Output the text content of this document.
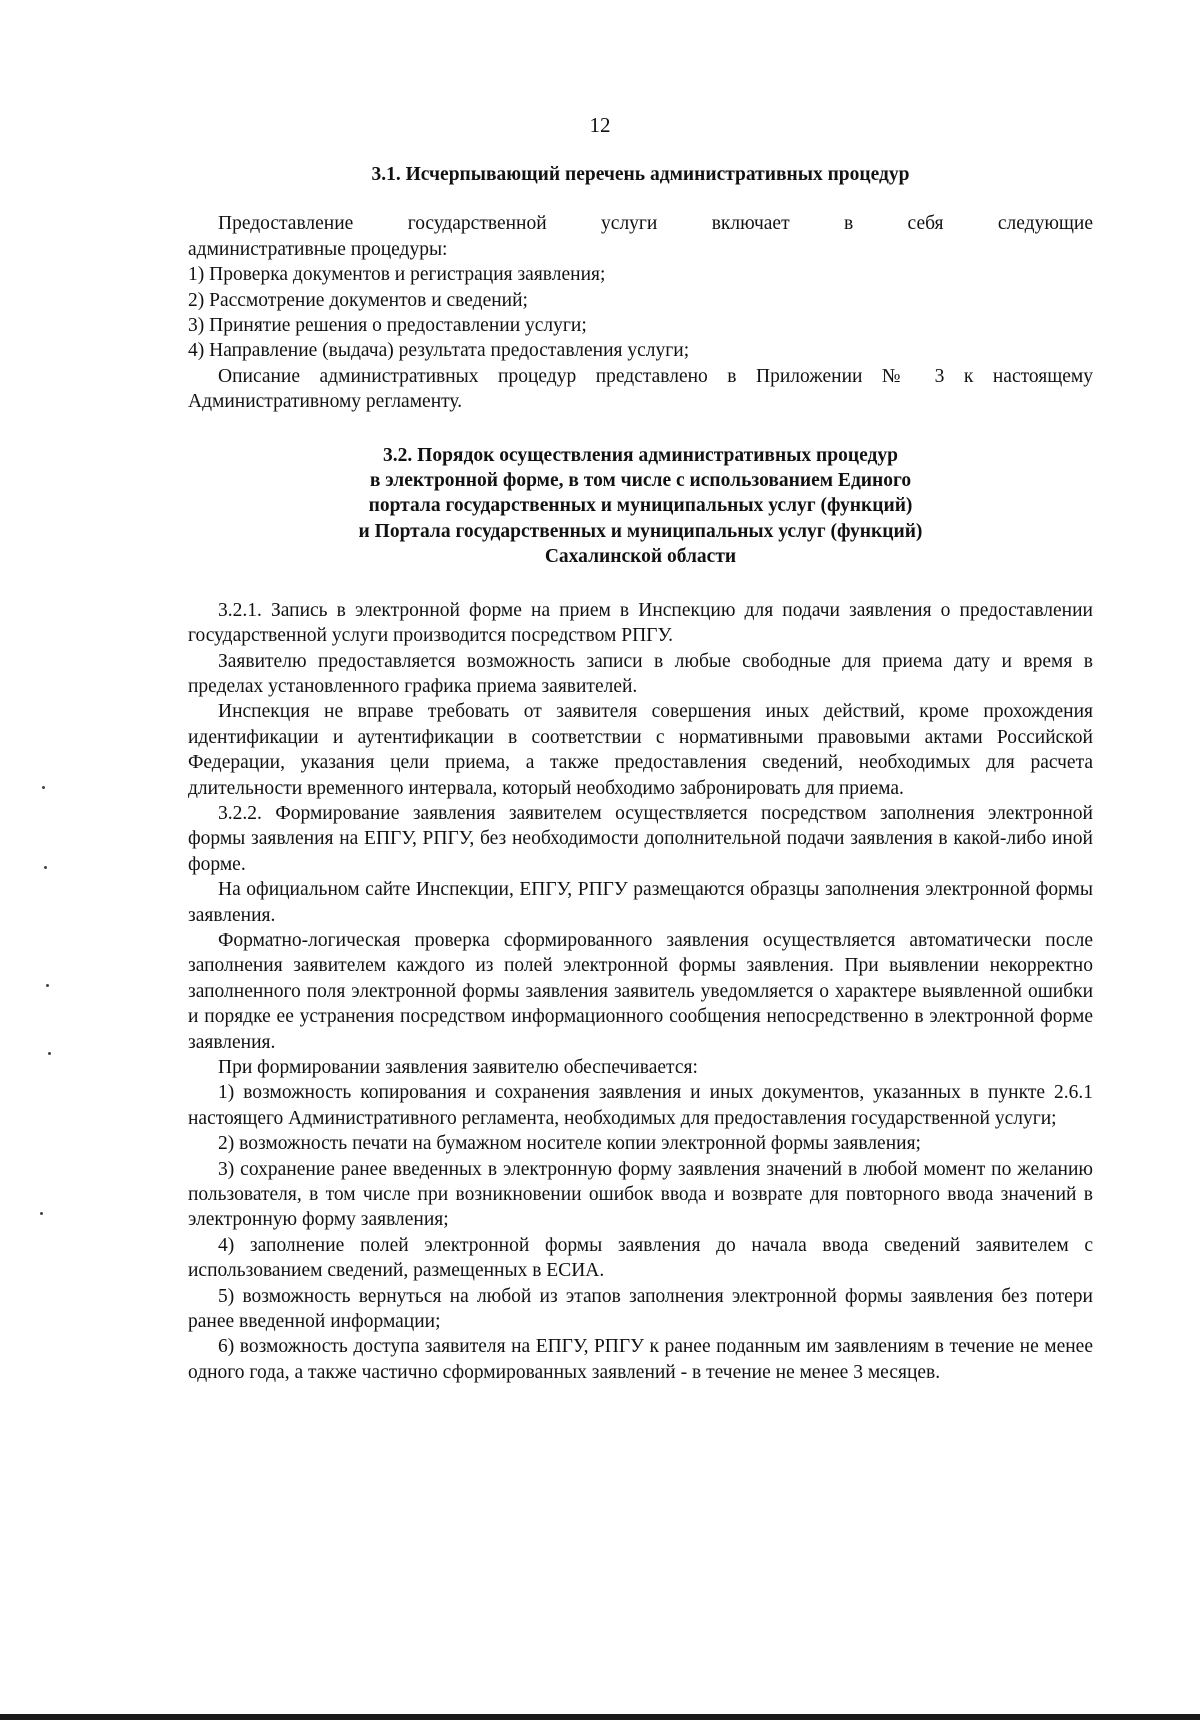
12
3.1. Исчерпывающий перечень административных процедур

Предоставление государственной услуги включает в себя следующие

административные процедуры:

1) Проверка документов и регистрация заявления;

2) Рассмотрение документов и сведений;

3) Принятие решения о предоставлении услуги;

4) Направление (выдача) результата предоставления услуги;

Описание административных процедур представлено в Приложении № 3 к настоящему Административному регламенту.

3.2. Порядок осуществления административных процедур
в электронной форме, в том числе с использованием Единого
портала государственных и муниципальных услуг (функций)
и Портала государственных и муниципальных услуг (функций)
Сахалинской области

3.2.1. Запись в электронной форме на прием в Инспекцию для подачи заявления о предоставлении государственной услуги производится посредством РПГУ.

Заявителю предоставляется возможность записи в любые свободные для приема дату и время в пределах установленного графика приема заявителей.

Инспекция не вправе требовать от заявителя совершения иных действий, кроме прохождения идентификации и аутентификации в соответствии с нормативными правовыми актами Российской Федерации, указания цели приема, а также предоставления сведений, необходимых для расчета длительности временного интервала, который необходимо забронировать для приема.

3.2.2. Формирование заявления заявителем осуществляется посредством заполнения электронной формы заявления на ЕПГУ, РПГУ, без необходимости дополнительной подачи заявления в какой-либо иной форме.

На официальном сайте Инспекции, ЕПГУ, РПГУ размещаются образцы заполнения электронной формы заявления.

Форматно-логическая проверка сформированного заявления осуществляется автоматически после заполнения заявителем каждого из полей электронной формы заявления. При выявлении некорректно заполненного поля электронной формы заявления заявитель уведомляется о характере выявленной ошибки и порядке ее устранения посредством информационного сообщения непосредственно в электронной форме заявления.

При формировании заявления заявителю обеспечивается:

1) возможность копирования и сохранения заявления и иных документов, указанных в пункте 2.6.1 настоящего Административного регламента, необходимых для предоставления государственной услуги;

2) возможность печати на бумажном носителе копии электронной формы заявления;

3) сохранение ранее введенных в электронную форму заявления значений в любой момент по желанию пользователя, в том числе при возникновении ошибок ввода и возврате для повторного ввода значений в электронную форму заявления;

4) заполнение полей электронной формы заявления до начала ввода сведений заявителем с использованием сведений, размещенных в ЕСИА.

5) возможность вернуться на любой из этапов заполнения электронной формы заявления без потери ранее введенной информации;

6) возможность доступа заявителя на ЕПГУ, РПГУ к ранее поданным им заявлениям в течение не менее одного года, а также частично сформированных заявлений - в течение не менее 3 месяцев.
